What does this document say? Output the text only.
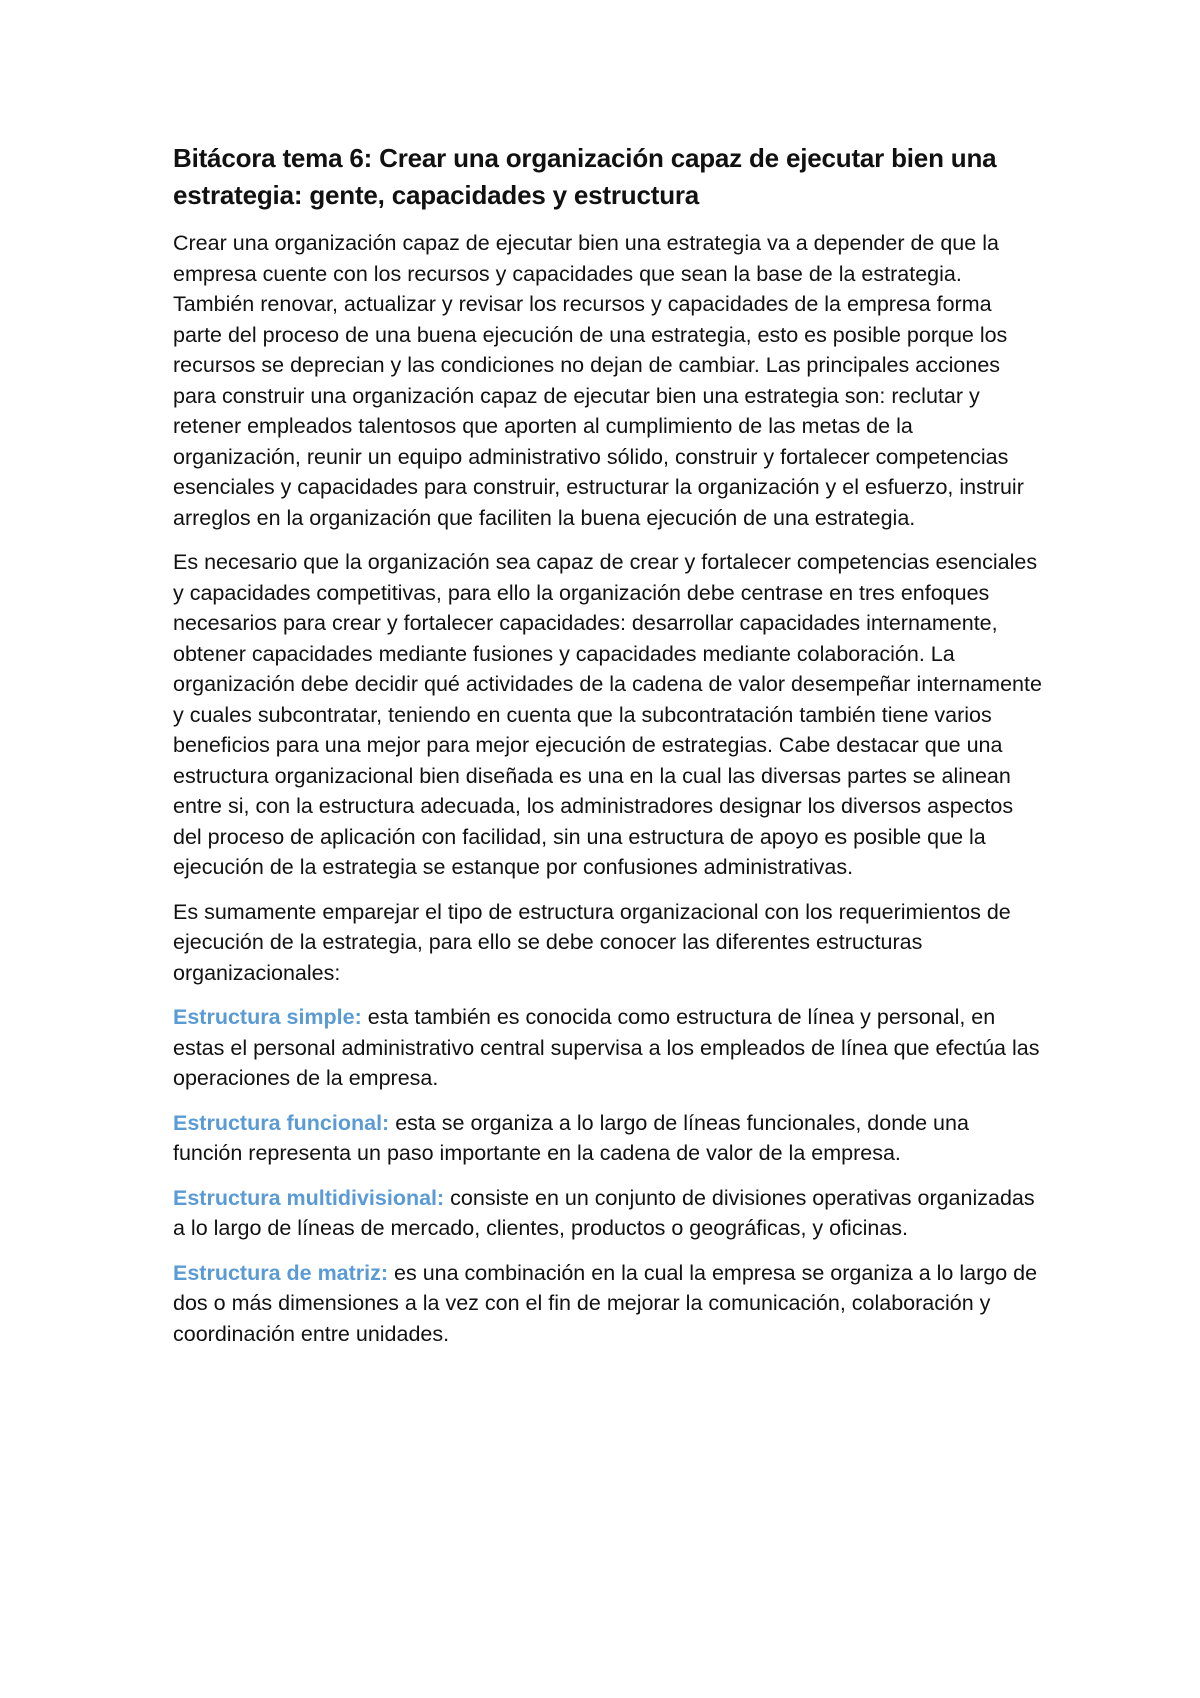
Bitácora tema 6: Crear una organización capaz de ejecutar bien una estrategia: gente, capacidades y estructura

Crear una organización capaz de ejecutar bien una estrategia va a depender de que la empresa cuente con los recursos y capacidades que sean la base de la estrategia. También renovar, actualizar y revisar los recursos y capacidades de la empresa forma parte del proceso de una buena ejecución de una estrategia, esto es posible porque los recursos se deprecian y las condiciones no dejan de cambiar. Las principales acciones para construir una organización capaz de ejecutar bien una estrategia son: reclutar y retener empleados talentosos que aporten al cumplimiento de las metas de la organización, reunir un equipo administrativo sólido, construir y fortalecer competencias esenciales y capacidades para construir, estructurar la organización y el esfuerzo, instruir arreglos en la organización que faciliten la buena ejecución de una estrategia.

Es necesario que la organización sea capaz de crear y fortalecer competencias esenciales y capacidades competitivas, para ello la organización debe centrase en tres enfoques necesarios para crear y fortalecer capacidades: desarrollar capacidades internamente, obtener capacidades mediante fusiones y capacidades mediante colaboración. La organización debe decidir qué actividades de la cadena de valor desempeñar internamente y cuales subcontratar, teniendo en cuenta que la subcontratación también tiene varios beneficios para una mejor para mejor ejecución de estrategias. Cabe destacar que una estructura organizacional bien diseñada es una en la cual las diversas partes se alinean entre si, con la estructura adecuada, los administradores designar los diversos aspectos del proceso de aplicación con facilidad, sin una estructura de apoyo es posible que la ejecución de la estrategia se estanque por confusiones administrativas.

Es sumamente emparejar el tipo de estructura organizacional con los requerimientos de ejecución de la estrategia, para ello se debe conocer las diferentes estructuras organizacionales:

Estructura simple: esta también es conocida como estructura de línea y personal, en estas el personal administrativo central supervisa a los empleados de línea que efectúa las operaciones de la empresa.

Estructura funcional: esta se organiza a lo largo de líneas funcionales, donde una función representa un paso importante en la cadena de valor de la empresa.

Estructura multidivisional: consiste en un conjunto de divisiones operativas organizadas a lo largo de líneas de mercado, clientes, productos o geográficas, y oficinas.

Estructura de matriz: es una combinación en la cual la empresa se organiza a lo largo de dos o más dimensiones a la vez con el fin de mejorar la comunicación, colaboración y coordinación entre unidades.
